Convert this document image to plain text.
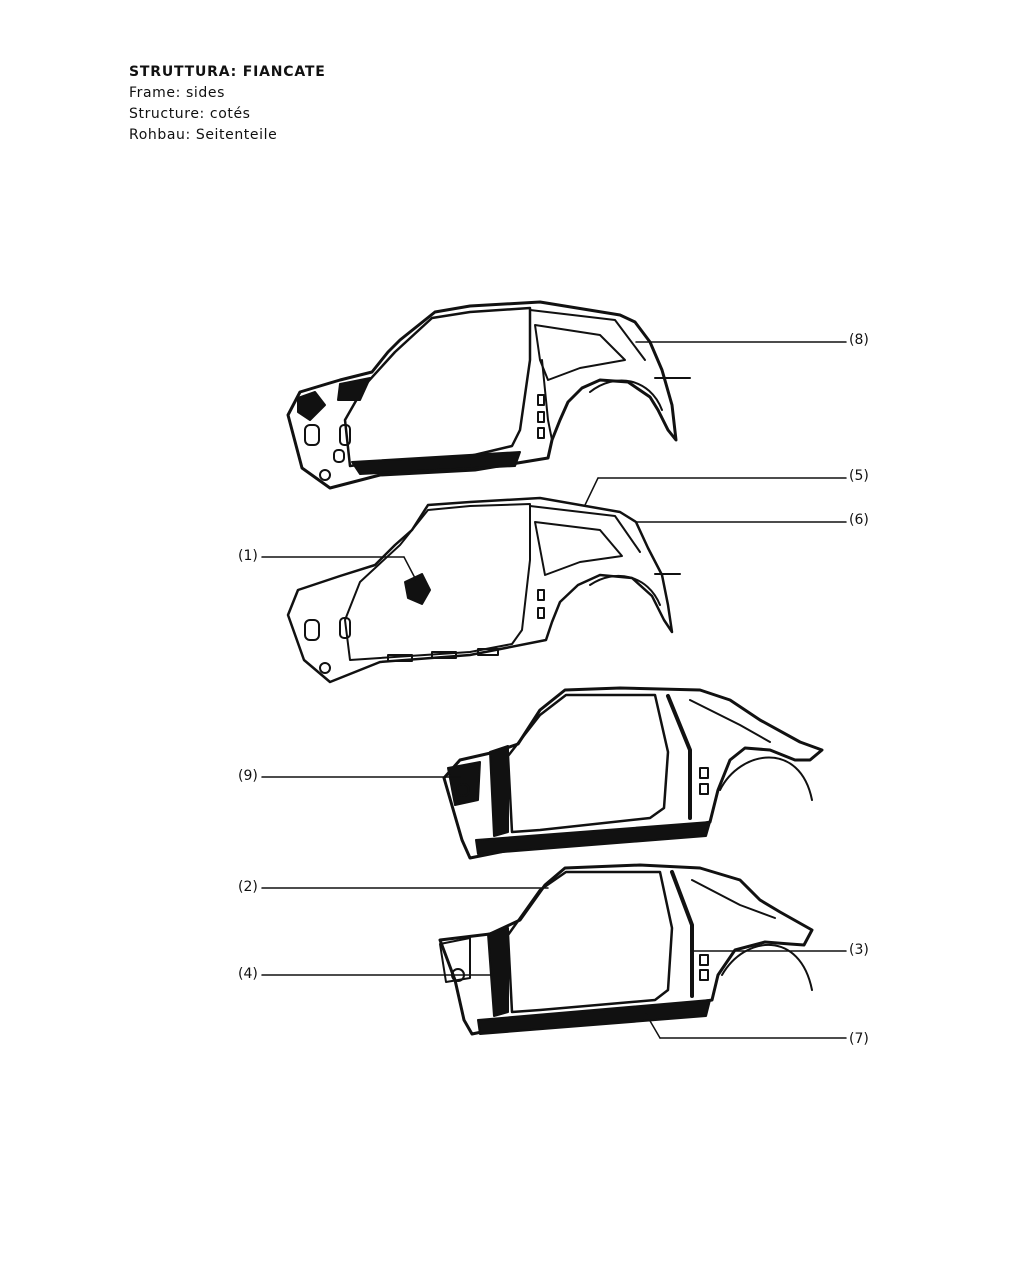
STRUTTURA: FIANCATE
Frame: sides
Structure: cotés
Rohbau: Seitenteile
(8)
(5)
(6)
(1)
(9)
(2)
(3)
(4)
(7)
